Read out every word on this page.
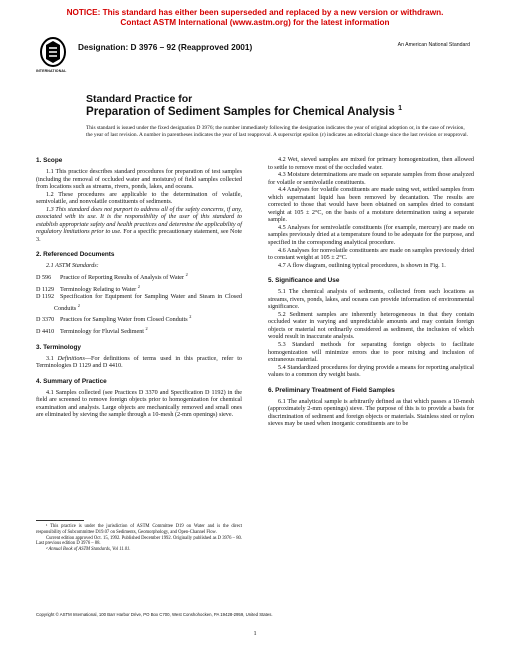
NOTICE: This standard has either been superseded and replaced by a new version or withdrawn.
Contact ASTM International (www.astm.org) for the latest information
INTERNATIONAL
Designation: D 3976 – 92 (Reapproved 2001)	An American National Standard
Standard Practice for
Preparation of Sediment Samples for Chemical Analysis $^1$
This standard is issued under the fixed designation D 3976; the number immediately following the designation indicates the year of original adoption or, in the case of revision, the year of last revision. A number in parentheses indicates the year of last reapproval. A superscript epsilon (ε) indicates an editorial change since the last revision or reapproval.
1. Scope

1.1 This practice describes standard procedures for preparation of test samples (including the removal of occluded water and moisture) of field samples collected from locations such as streams, rivers, ponds, lakes, and oceans.

1.2 These procedures are applicable to the determination of volatile, semivolatile, and nonvolatile constituents of sediments.

1.3 This standard does not purport to address all of the safety concerns, if any, associated with its use. It is the responsibility of the user of this standard to establish appropriate safety and health practices and determine the applicability of regulatory limitations prior to use. For a specific precautionary statement, see Note 3.

2. Referenced Documents

2.1 ASTM Standards:

D 596 Practice of Reporting Results of Analysis of Water $^2$

D 1129 Terminology Relating to Water $^2$

D 1192 Specification for Equipment for Sampling Water and Steam in Closed Conduits $^2$

D 3370 Practices for Sampling Water from Closed Conduits $^2$

D 4410 Terminology for Fluvial Sediment $^2$

3. Terminology

3.1 Definitions—For definitions of terms used in this practice, refer to Terminologies D 1129 and D 4410.

4. Summary of Practice

4.1 Samples collected (see Practices D 3370 and Specification D 1192) in the field are screened to remove foreign objects prior to homogenization for chemical examination and analysis. Large objects are mechanically removed and small ones are eliminated by sieving the sample through a 10-mesh (2-mm openings) sieve.

¹ This practice is under the jurisdiction of ASTM Committee D19 on Water and is the direct responsibility of Subcommittee D19.07 on Sediments, Geomorphology, and Open-Channel Flow.

Current edition approved Oct. 15, 1992. Published December 1992. Originally published as D 3976 – 80. Last previous edition D 3976 – 88.

² Annual Book of ASTM Standards, Vol 11.01.

4.2 Wet, sieved samples are mixed for primary homogenization, then allowed to settle to remove most of the occluded water.

4.3 Moisture determinations are made on separate samples from those analyzed for volatile or semivolatile constituents.

4.4 Analyses for volatile constituents are made using wet, settled samples from which supernatant liquid has been removed by decantation. The results are corrected to those that would have been obtained on samples dried to constant weight at 105 ± 2°C, on the basis of a moisture determination using a separate sample.

4.5 Analyses for semivolatile constituents (for example, mercury) are made on samples previously dried at a temperature found to be adequate for the purpose, and specified in the corresponding analytical procedure.

4.6 Analyses for nonvolatile constituents are made on samples previously dried to constant weight at 105 ± 2°C.

4.7 A flow diagram, outlining typical procedures, is shown in Fig. 1.

5. Significance and Use

5.1 The chemical analysis of sediments, collected from such locations as streams, rivers, ponds, lakes, and oceans can provide information of environmental significance.

5.2 Sediment samples are inherently heterogeneous in that they contain occluded water in varying and unpredictable amounts and may contain foreign objects or material not ordinarily considered as sediment, the inclusion of which would result in inaccurate analysis.

5.3 Standard methods for separating foreign objects to facilitate homogenization will minimize errors due to poor mixing and inclusion of extraneous material.

5.4 Standardized procedures for drying provide a means for reporting analytical values to a common dry weight basis.

6. Preliminary Treatment of Field Samples

6.1 The analytical sample is arbitrarily defined as that which passes a 10-mesh (approximately 2-mm openings) sieve. The purpose of this is to provide a basis for discrimination of sediment and foreign objects or materials. Stainless steel or nylon sieves may be used when inorganic constituents are to be

Copyright © ASTM International, 100 Barr Harbor Drive, PO Box C700, West Conshohocken, PA 19428-2959, United States.
1
